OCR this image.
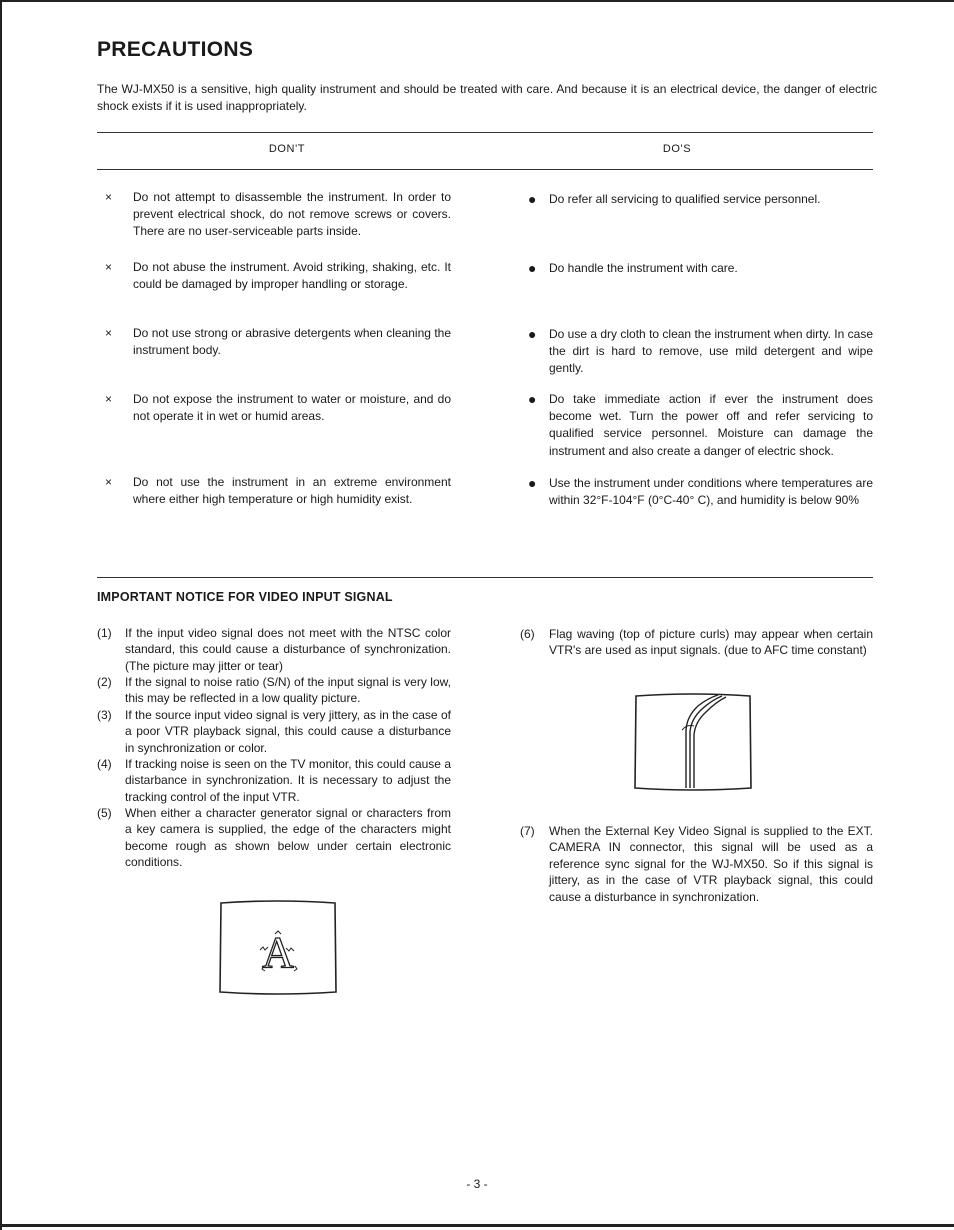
PRECAUTIONS
The WJ-MX50 is a sensitive, high quality instrument and should be treated with care. And because it is an electrical device, the danger of electric shock exists if it is used inappropriately.
DON'T	DO'S
× Do not attempt to disassemble the instrument. In order to prevent electrical shock, do not remove screws or covers. There are no user-serviceable parts inside.
● Do refer all servicing to qualified service personnel.
× Do not abuse the instrument. Avoid striking, shaking, etc. It could be damaged by improper handling or storage.
● Do handle the instrument with care.
× Do not use strong or abrasive detergents when cleaning the instrument body.
● Do use a dry cloth to clean the instrument when dirty. In case the dirt is hard to remove, use mild detergent and wipe gently.
× Do not expose the instrument to water or moisture, and do not operate it in wet or humid areas.
● Do take immediate action if ever the instrument does become wet. Turn the power off and refer servicing to qualified service personnel. Moisture can damage the instrument and also create a danger of electric shock.
× Do not use the instrument in an extreme environment where either high temperature or high humidity exist.
● Use the instrument under conditions where temperatures are within 32°F-104°F (0°C-40° C), and humidity is below 90%
IMPORTANT NOTICE FOR VIDEO INPUT SIGNAL
(1) If the input video signal does not meet with the NTSC color standard, this could cause a disturbance of synchronization. (The picture may jitter or tear)
(2) If the signal to noise ratio (S/N) of the input signal is very low, this may be reflected in a low quality picture.
(3) If the source input video signal is very jittery, as in the case of a poor VTR playback signal, this could cause a disturbance in synchronization or color.
(4) If tracking noise is seen on the TV monitor, this could cause a distarbance in synchronization. It is necessary to adjust the tracking control of the input VTR.
(5) When either a character generator signal or characters from a key camera is supplied, the edge of the characters might become rough as shown below under certain electronic conditions.
(6) Flag waving (top of picture curls) may appear when certain VTR's are used as input signals. (due to AFC time constant)
(7) When the External Key Video Signal is supplied to the EXT. CAMERA IN connector, this signal will be used as a reference sync signal for the WJ-MX50. So if this signal is jittery, as in the case of VTR playback signal, this could cause a disturbance in synchronization.
A
- 3 -
